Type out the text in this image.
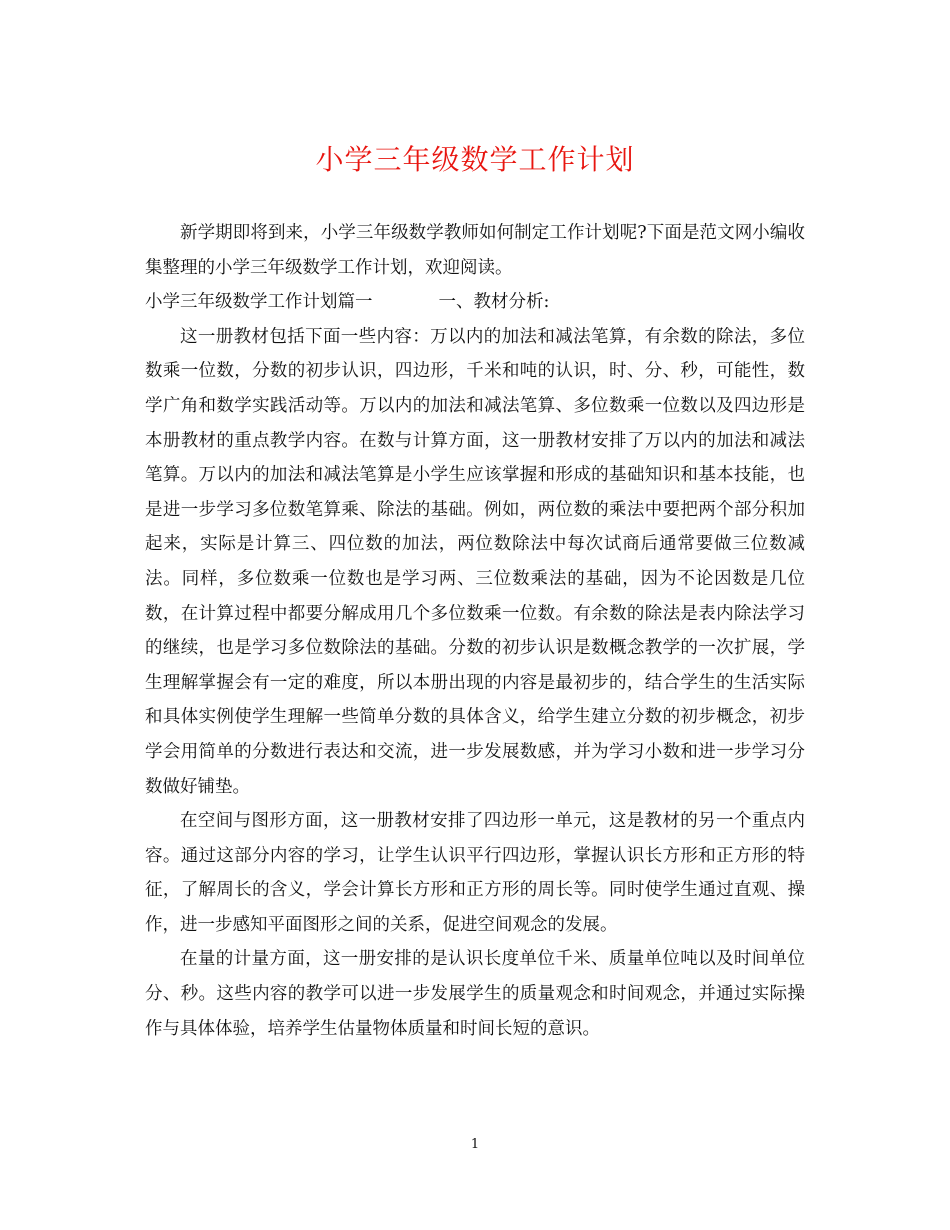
小学三年级数学工作计划

新学期即将到来，小学三年级数学教师如何制定工作计划呢?下面是范文网小编收集整理的小学三年级数学工作计划，欢迎阅读。

小学三年级数学工作计划篇一	一、教材分析:

这一册教材包括下面一些内容：万以内的加法和减法笔算，有余数的除法，多位数乘一位数，分数的初步认识，四边形，千米和吨的认识，时、分、秒，可能性，数学广角和数学实践活动等。万以内的加法和减法笔算、多位数乘一位数以及四边形是本册教材的重点教学内容。在数与计算方面，这一册教材安排了万以内的加法和减法笔算。万以内的加法和减法笔算是小学生应该掌握和形成的基础知识和基本技能，也是进一步学习多位数笔算乘、除法的基础。例如，两位数的乘法中要把两个部分积加起来，实际是计算三、四位数的加法，两位数除法中每次试商后通常要做三位数减法。同样，多位数乘一位数也是学习两、三位数乘法的基础，因为不论因数是几位数，在计算过程中都要分解成用几个多位数乘一位数。有余数的除法是表内除法学习的继续，也是学习多位数除法的基础。分数的初步认识是数概念教学的一次扩展，学生理解掌握会有一定的难度，所以本册出现的内容是最初步的，结合学生的生活实际和具体实例使学生理解一些简单分数的具体含义，给学生建立分数的初步概念，初步学会用简单的分数进行表达和交流，进一步发展数感，并为学习小数和进一步学习分数做好铺垫。

在空间与图形方面，这一册教材安排了四边形一单元，这是教材的另一个重点内容。通过这部分内容的学习，让学生认识平行四边形，掌握认识长方形和正方形的特征，了解周长的含义，学会计算长方形和正方形的周长等。同时使学生通过直观、操作，进一步感知平面图形之间的关系，促进空间观念的发展。

在量的计量方面，这一册安排的是认识长度单位千米、质量单位吨以及时间单位分、秒。这些内容的教学可以进一步发展学生的质量观念和时间观念，并通过实际操作与具体体验，培养学生估量物体质量和时间长短的意识。

1
